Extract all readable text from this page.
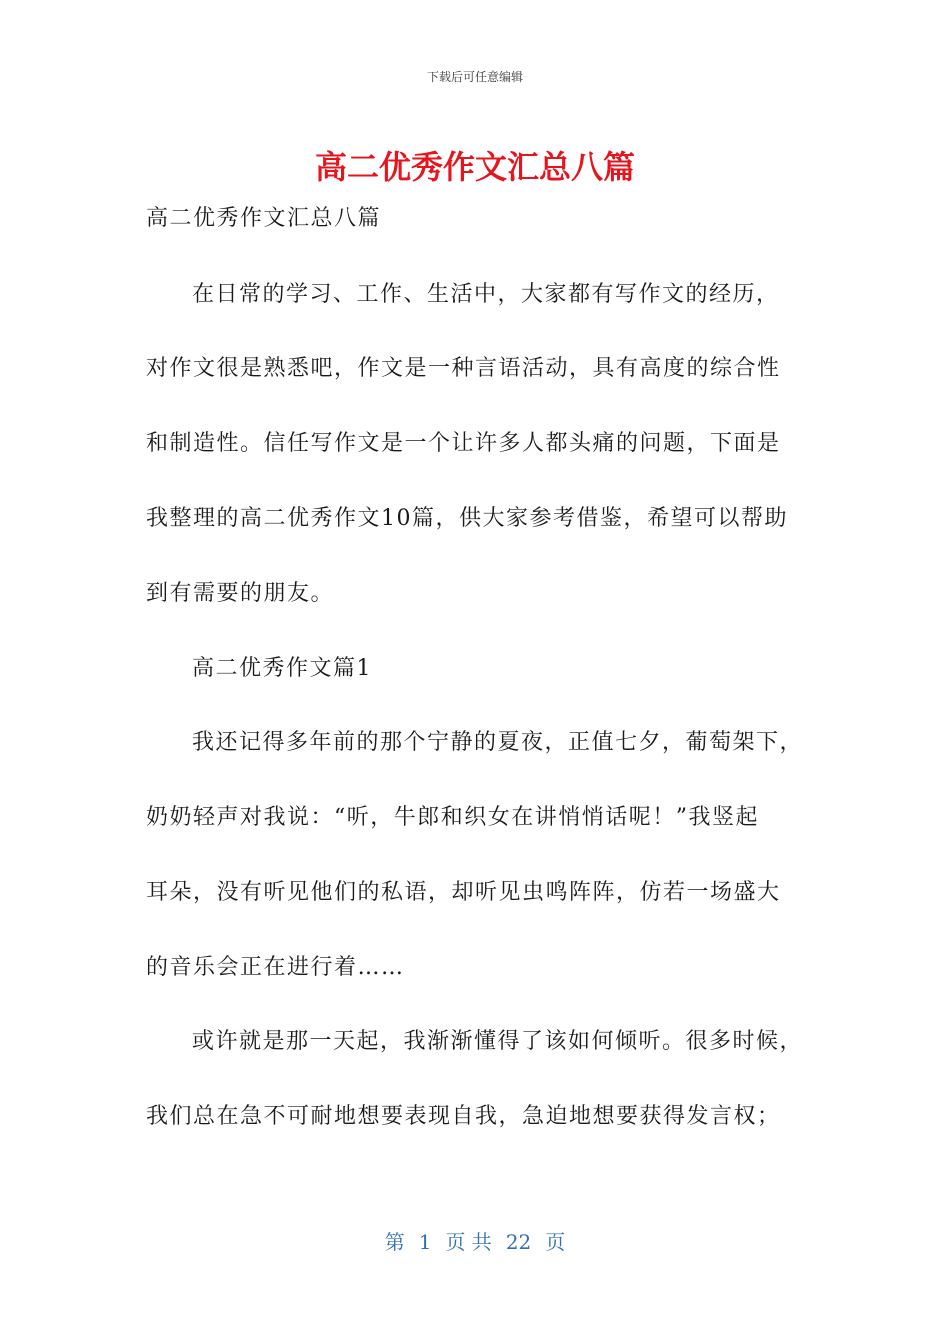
下载后可任意编辑
高二优秀作文汇总八篇
高二优秀作文汇总八篇
在日常的学习、工作、生活中，大家都有写作文的经历，
对作文很是熟悉吧，作文是一种言语活动，具有高度的综合性
和制造性。信任写作文是一个让许多人都头痛的问题，下面是
我整理的高二优秀作文10篇，供大家参考借鉴，希望可以帮助
到有需要的朋友。
高二优秀作文篇1
我还记得多年前的那个宁静的夏夜，正值七夕，葡萄架下，
奶奶轻声对我说：“听，牛郎和织女在讲悄悄话呢！”我竖起
耳朵，没有听见他们的私语，却听见虫鸣阵阵，仿若一场盛大
的音乐会正在进行着……
或许就是那一天起，我渐渐懂得了该如何倾听。很多时候，
我们总在急不可耐地想要表现自我，急迫地想要获得发言权；
第 1 页 共 22 页
